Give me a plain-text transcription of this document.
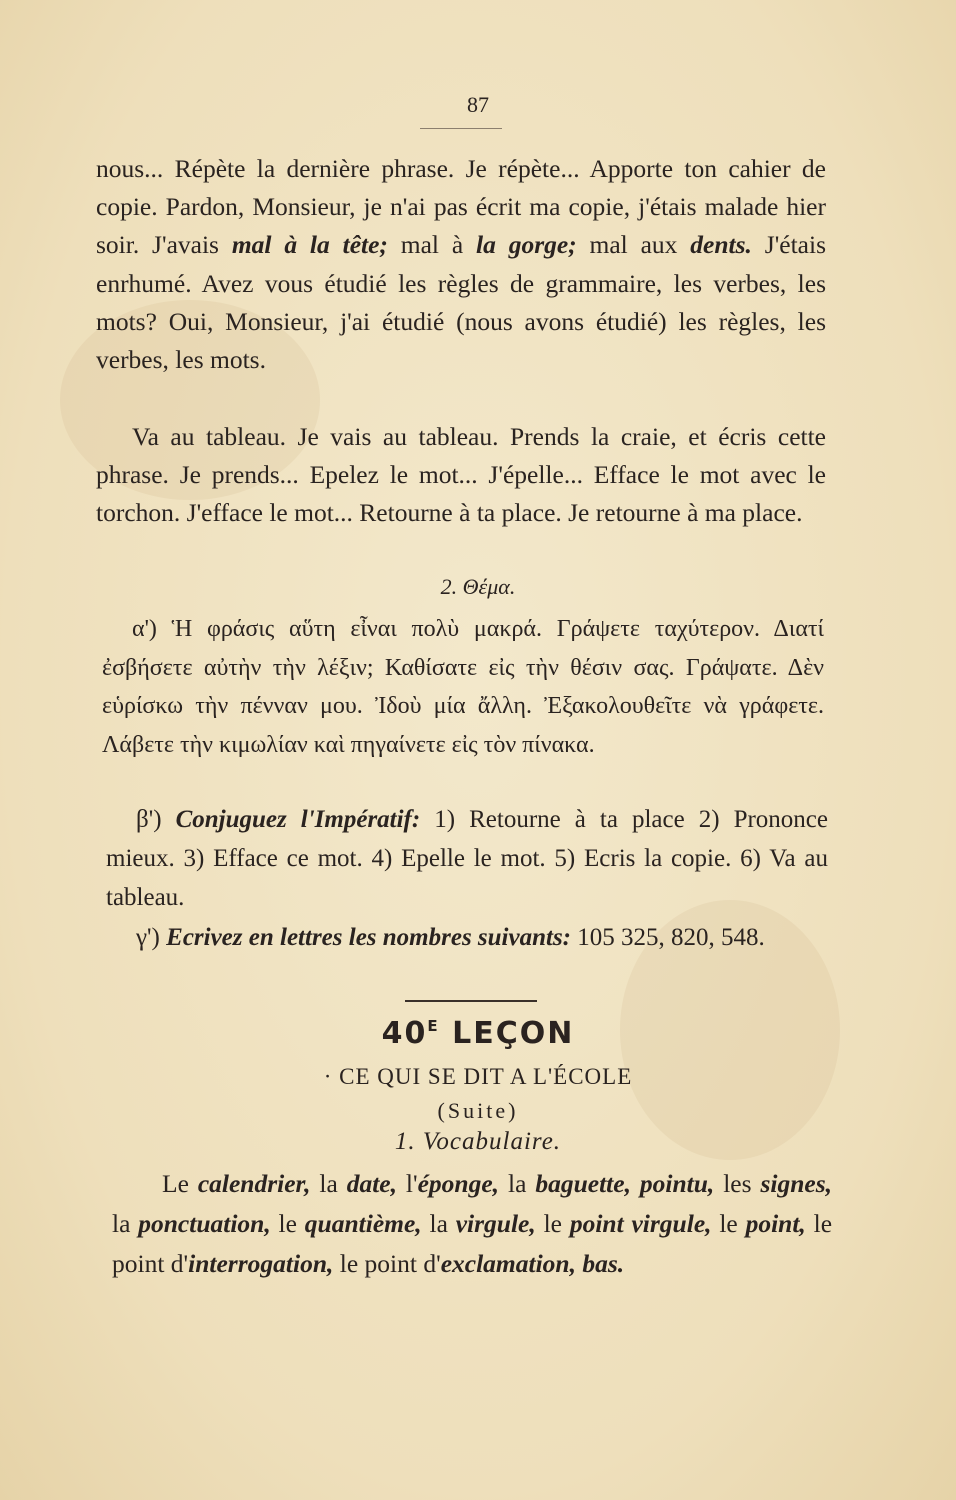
87

nous... Répète la dernière phrase. Je répète... Apporte ton cahier de copie. Pardon, Monsieur, je n'ai pas écrit ma copie, j'étais malade hier soir. J'avais mal à la tête; mal à la gorge; mal aux dents. J'étais enrhumé. Avez vous étudié les règles de grammaire, les verbes, les mots? Oui, Monsieur, j'ai étudié (nous avons étudié) les règles, les verbes, les mots.

Va au tableau. Je vais au tableau. Prends la craie, et écris cette phrase. Je prends... Epelez le mot... J'épelle... Efface le mot avec le torchon. J'efface le mot... Retourne à ta place. Je retourne à ma place.

2. Θέμα.

α') Ἡ φράσις αὕτη εἶναι πολὺ μακρά. Γράψετε ταχύτερον. Διατί ἐσβήσετε αὐτὴν τὴν λέξιν; Καθίσατε εἰς τὴν θέσιν σας. Γράψατε. Δὲν εὑρίσκω τὴν πένναν μου. Ἰδοὺ μία ἄλλη. Ἐξακολουθεῖτε νὰ γράφετε. Λάβετε τὴν κιμωλίαν καὶ πηγαίνετε εἰς τὸν πίνακα.

β') Conjuguez l'Impératif: 1) Retourne à ta place 2) Prononce mieux. 3) Efface ce mot. 4) Epelle le mot. 5) Ecris la copie. 6) Va au tableau.

γ') Ecrivez en lettres les nombres suivants: 105 325, 820, 548.

$40^E$ LEÇON
· CE QUI SE DIT A L'ÉCOLE
(Suite)
1. Vocabulaire.

Le calendrier, la date, l'éponge, la baguette, pointu, les signes, la ponctuation, le quantième, la virgule, le point virgule, le point, le point d'interrogation, le point d'exclamation, bas.
